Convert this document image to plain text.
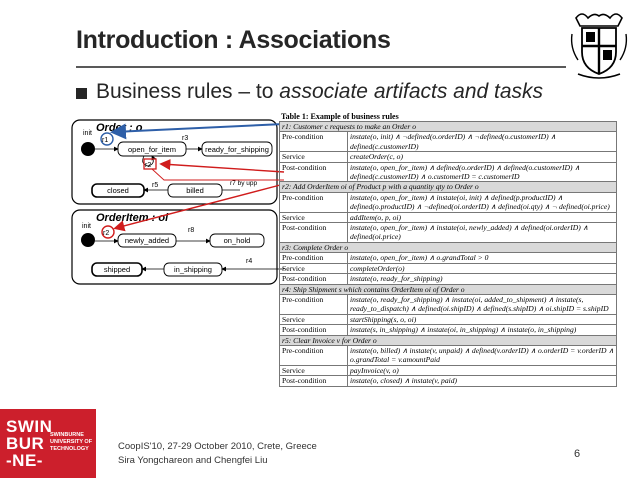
Introduction : Associations
Business rules – to associate artifacts and tasks
Order : o
init
r1
open_for_item
r3
ready_for_shipping
r2
closed
r5
billed
r7 by upp
OrderItem : oi
init
r2
newly_added
r8
on_hold
r4
shipped	in_shipping
Table 1: Example of business rules
r1: Customer c requests to make an Order o	
Pre-condition	instate(o, init) ∧ ¬defined(o.orderID) ∧ ¬defined(o.customerID) ∧ defined(c.customerID)
Service	createOrder(c, o)
Post-condition	instate(o, open_for_item) ∧ defined(o.orderID) ∧ defined(o.customerID) ∧ defined(c.customerID) ∧ o.customerID = c.customerID
r2: Add OrderItem oi of Product p with a quantity qty to Order o	
Pre-condition	instate(o, open_for_item) ∧ instate(oi, init) ∧ defined(p.productID) ∧ defined(o.productID) ∧ ¬defined(oi.orderID) ∧ defined(oi.qty) ∧ ¬ defined(oi.price)
Service	addItem(o, p, oi)
Post-condition	instate(o, open_for_item) ∧ instate(oi, newly_added) ∧ defined(oi.orderID) ∧ defined(oi.price)
r3: Complete Order o	
Pre-condition	instate(o, open_for_item) ∧ o.grandTotal > 0
Service	completeOrder(o)
Post-condition	instate(o, ready_for_shipping)
r4: Ship Shipment s which contains OrderItem oi of Order o	
Pre-condition	instate(o, ready_for_shipping) ∧ instate(oi, added_to_shipment) ∧ instate(s, ready_to_dispatch) ∧ defined(oi.shipID) ∧ defined(s.shipID) ∧ oi.shipID = s.shipID
Service	startShipping(s, o, oi)
Post-condition	instate(s, in_shipping) ∧ instate(oi, in_shipping) ∧ instate(o, in_shipping)
r5: Clear Invoice v for Order o	
Pre-condition	instate(o, billed) ∧ instate(v, unpaid) ∧ defined(v.orderID) ∧ o.orderID = v.orderID ∧ o.grandTotal = v.amountPaid
Service	payInvoice(v, o)
Post-condition	instate(o, closed) ∧ instate(v, paid)
SWIN
BUR
-NE-
SWINBURNE
UNIVERSITY OF
TECHNOLOGY	CoopIS'10, 27-29 October 2010, Crete, Greece
Sira Yongchareon and Chengfei Liu
6
